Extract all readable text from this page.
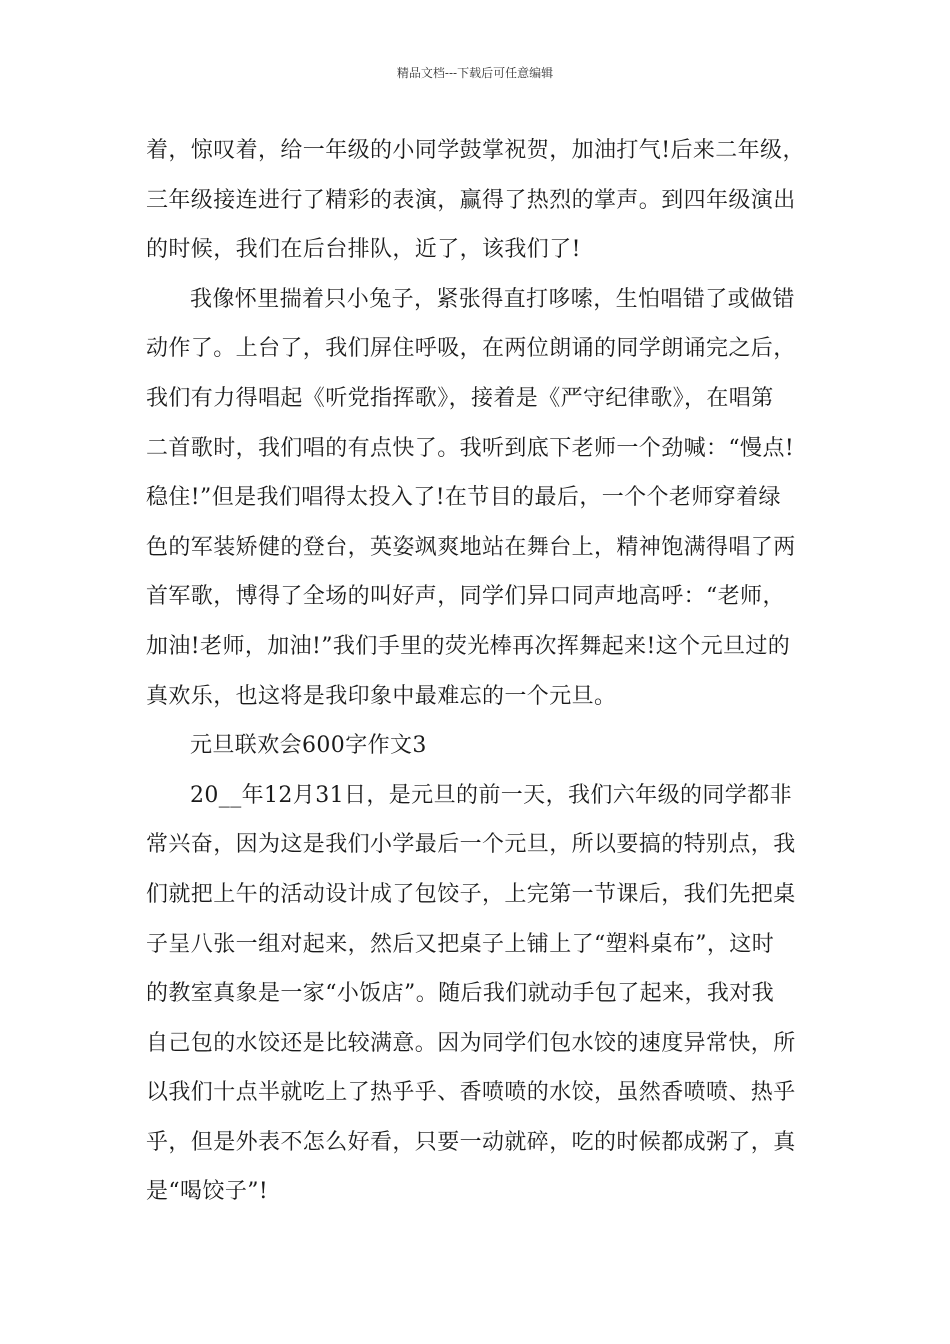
精品文档---下载后可任意编辑
着，惊叹着，给一年级的小同学鼓掌祝贺，加油打气!后来二年级，
三年级接连进行了精彩的表演，赢得了热烈的掌声。到四年级演出
的时候，我们在后台排队，近了，该我们了!
我像怀里揣着只小兔子，紧张得直打哆嗦，生怕唱错了或做错
动作了。上台了，我们屏住呼吸，在两位朗诵的同学朗诵完之后，
我们有力得唱起《听党指挥歌》，接着是《严守纪律歌》，在唱第
二首歌时，我们唱的有点快了。我听到底下老师一个劲喊：“慢点!
稳住!”但是我们唱得太投入了!在节目的最后，一个个老师穿着绿
色的军装矫健的登台，英姿飒爽地站在舞台上，精神饱满得唱了两
首军歌，博得了全场的叫好声，同学们异口同声地高呼：“老师，
加油!老师，加油!”我们手里的荧光棒再次挥舞起来!这个元旦过的
真欢乐，也这将是我印象中最难忘的一个元旦。
元旦联欢会600字作文3
20__年12月31日，是元旦的前一天，我们六年级的同学都非
常兴奋，因为这是我们小学最后一个元旦，所以要搞的特别点，我
们就把上午的活动设计成了包饺子，上完第一节课后，我们先把桌
子呈八张一组对起来，然后又把桌子上铺上了“塑料桌布”，这时
的教室真象是一家“小饭店”。随后我们就动手包了起来，我对我
自己包的水饺还是比较满意。因为同学们包水饺的速度异常快，所
以我们十点半就吃上了热乎乎、香喷喷的水饺，虽然香喷喷、热乎
乎，但是外表不怎么好看，只要一动就碎，吃的时候都成粥了，真
是“喝饺子”!
